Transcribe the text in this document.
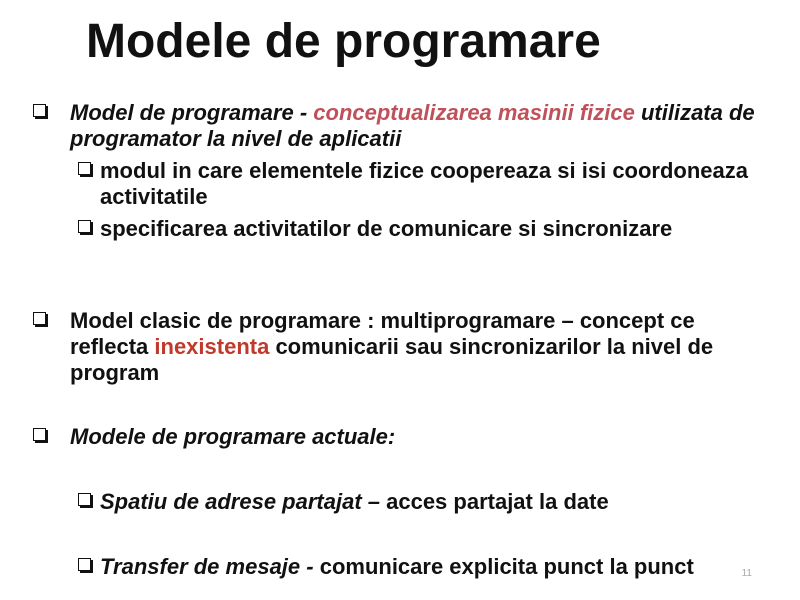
Modele de programare
Model de programare - conceptualizarea masinii fizice utilizata de programator la nivel de aplicatii
modul in care elementele fizice coopereaza si isi coordoneaza activitatile
specificarea activitatilor de comunicare si sincronizare
Model clasic de programare : multiprogramare – concept ce reflecta inexistenta comunicarii sau sincronizarilor la nivel de program
Modele de programare actuale:
Spatiu de adrese partajat – acces partajat la date
Transfer de mesaje - comunicare explicita punct la punct	11
